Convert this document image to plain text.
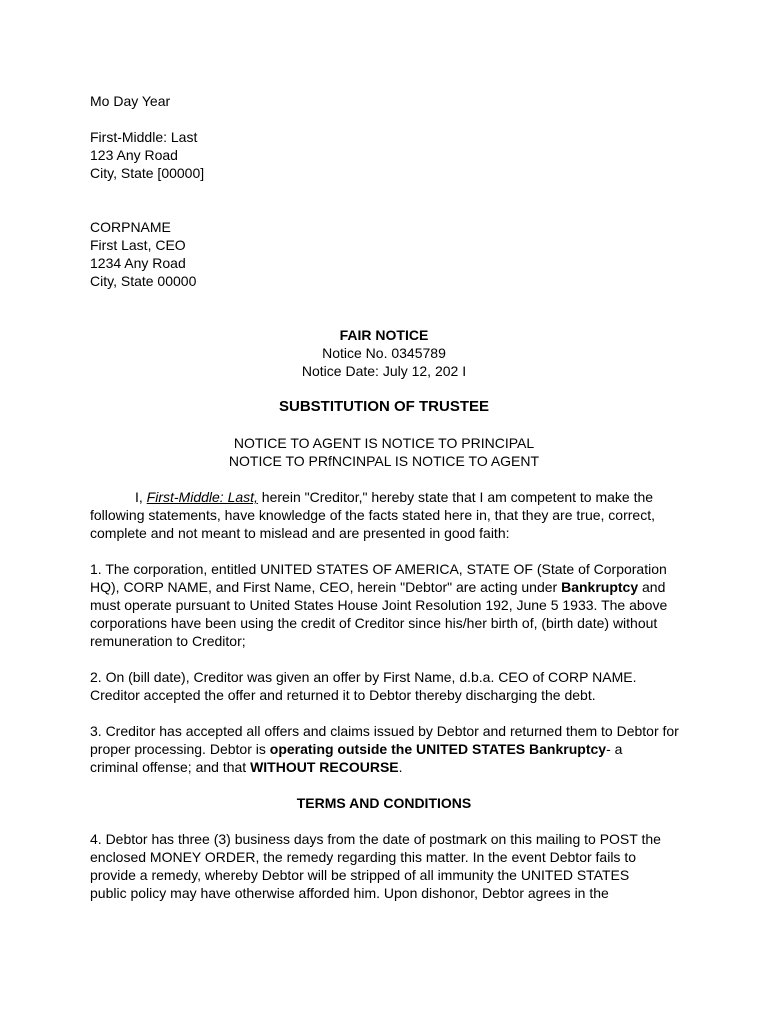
Mo Day Year
First-Middle: Last
123 Any Road
City, State [00000]
CORPNAME
First Last, CEO
1234 Any Road
City, State 00000
FAIR NOTICE
Notice No. 0345789
Notice Date: July 12, 202 I
SUBSTITUTION OF TRUSTEE
NOTICE TO AGENT IS NOTICE TO PRINCIPAL
NOTICE TO PRfNCINPAL IS NOTICE TO AGENT
I, First-Middle: Last, herein "Creditor," hereby state that I am competent to make the
following statements, have knowledge of the facts stated here in, that they are true, correct,
complete and not meant to mislead and are presented in good faith:
1. The corporation, entitled UNITED STATES OF AMERICA, STATE OF (State of Corporation
HQ), CORP NAME, and First Name, CEO, herein "Debtor" are acting under Bankruptcy and
must operate pursuant to United States House Joint Resolution 192, June 5 1933. The above
corporations have been using the credit of Creditor since his/her birth of, (birth date) without
remuneration to Creditor;
2. On (bill date), Creditor was given an offer by First Name, d.b.a. CEO of CORP NAME.
Creditor accepted the offer and returned it to Debtor thereby discharging the debt.
3. Creditor has accepted all offers and claims issued by Debtor and returned them to Debtor for
proper processing. Debtor is operating outside the UNITED STATES Bankruptcy- a
criminal offense; and that WITHOUT RECOURSE.
TERMS AND CONDITIONS
4. Debtor has three (3) business days from the date of postmark on this mailing to POST the
enclosed MONEY ORDER, the remedy regarding this matter. In the event Debtor fails to
provide a remedy, whereby Debtor will be stripped of all immunity the UNITED STATES
public policy may have otherwise afforded him. Upon dishonor, Debtor agrees in the
